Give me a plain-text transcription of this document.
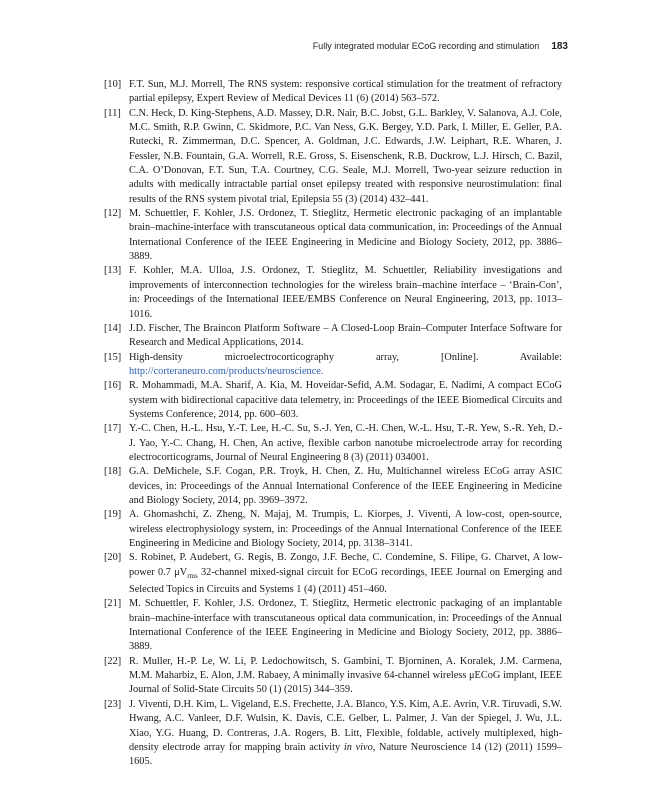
Fully integrated modular ECoG recording and stimulation 183
[10] F.T. Sun, M.J. Morrell, The RNS system: responsive cortical stimulation for the treatment of refractory partial epilepsy, Expert Review of Medical Devices 11 (6) (2014) 563–572.
[11] C.N. Heck, D. King-Stephens, A.D. Massey, D.R. Nair, B.C. Jobst, G.L. Barkley, V. Salanova, A.J. Cole, M.C. Smith, R.P. Gwinn, C. Skidmore, P.C. Van Ness, G.K. Bergey, Y.D. Park, I. Miller, E. Geller, P.A. Rutecki, R. Zimmerman, D.C. Spencer, A. Goldman, J.C. Edwards, J.W. Leiphart, R.E. Wharen, J. Fessler, N.B. Fountain, G.A. Worrell, R.E. Gross, S. Eisenschenk, R.B. Duckrow, L.J. Hirsch, C. Bazil, C.A. O’Donovan, F.T. Sun, T.A. Courtney, C.G. Seale, M.J. Morrell, Two-year seizure reduction in adults with medically intractable partial onset epilepsy treated with responsive neurostimulation: final results of the RNS system pivotal trial, Epilepsia 55 (3) (2014) 432–441.
[12] M. Schuettler, F. Kohler, J.S. Ordonez, T. Stieglitz, Hermetic electronic packaging of an implantable brain–machine-interface with transcutaneous optical data communication, in: Proceedings of the Annual International Conference of the IEEE Engineering in Medicine and Biology Society, 2012, pp. 3886–3889.
[13] F. Kohler, M.A. Ulloa, J.S. Ordonez, T. Stieglitz, M. Schuettler, Reliability investigations and improvements of interconnection technologies for the wireless brain–machine interface – ‘Brain-Con’, in: Proceedings of the International IEEE/EMBS Conference on Neural Engineering, 2013, pp. 1013–1016.
[14] J.D. Fischer, The Braincon Platform Software – A Closed-Loop Brain–Computer Interface Software for Research and Medical Applications, 2014.
[15] High-density microelectrocorticography array, [Online]. Available: http://corteraneuro.com/products/neuroscience.
[16] R. Mohammadi, M.A. Sharif, A. Kia, M. Hoveidar-Sefid, A.M. Sodagar, E. Nadimi, A compact ECoG system with bidirectional capacitive data telemetry, in: Proceedings of the IEEE Biomedical Circuits and Systems Conference, 2014, pp. 600–603.
[17] Y.-C. Chen, H.-L. Hsu, Y.-T. Lee, H.-C. Su, S.-J. Yen, C.-H. Chen, W.-L. Hsu, T.-R. Yew, S.-R. Yeh, D.-J. Yao, Y.-C. Chang, H. Chen, An active, flexible carbon nanotube microelectrode array for recording electrocorticograms, Journal of Neural Engineering 8 (3) (2011) 034001.
[18] G.A. DeMichele, S.F. Cogan, P.R. Troyk, H. Chen, Z. Hu, Multichannel wireless ECoG array ASIC devices, in: Proceedings of the Annual International Conference of the IEEE Engineering in Medicine and Biology Society, 2014, pp. 3969–3972.
[19] A. Ghomashchi, Z. Zheng, N. Majaj, M. Trumpis, L. Kiorpes, J. Viventi, A low-cost, open-source, wireless electrophysiology system, in: Proceedings of the Annual International Conference of the IEEE Engineering in Medicine and Biology Society, 2014, pp. 3138–3141.
[20] S. Robinet, P. Audebert, G. Regis, B. Zongo, J.F. Beche, C. Condemine, S. Filipe, G. Charvet, A low-power 0.7 $\mu V_{rms}$ 32-channel mixed-signal circuit for ECoG recordings, IEEE Journal on Emerging and Selected Topics in Circuits and Systems 1 (4) (2011) 451–460.
[21] M. Schuettler, F. Kohler, J.S. Ordonez, T. Stieglitz, Hermetic electronic packaging of an implantable brain–machine-interface with transcutaneous optical data communication, in: Proceedings of the Annual International Conference of the IEEE Engineering in Medicine and Biology Society, 2012, pp. 3886–3889.
[22] R. Muller, H.-P. Le, W. Li, P. Ledochowitsch, S. Gambini, T. Bjorninen, A. Koralek, J.M. Carmena, M.M. Maharbiz, E. Alon, J.M. Rabaey, A minimally invasive 64-channel wireless μECoG implant, IEEE Journal of Solid-State Circuits 50 (1) (2015) 344–359.
[23] J. Viventi, D.H. Kim, L. Vigeland, E.S. Frechette, J.A. Blanco, Y.S. Kim, A.E. Avrin, V.R. Tiruvadi, S.W. Hwang, A.C. Vanleer, D.F. Wulsin, K. Davis, C.E. Gelber, L. Palmer, J. Van der Spiegel, J. Wu, J.L. Xiao, Y.G. Huang, D. Contreras, J.A. Rogers, B. Litt, Flexible, foldable, actively multiplexed, high-density electrode array for mapping brain activity in vivo, Nature Neuroscience 14 (12) (2011) 1599–1605.
